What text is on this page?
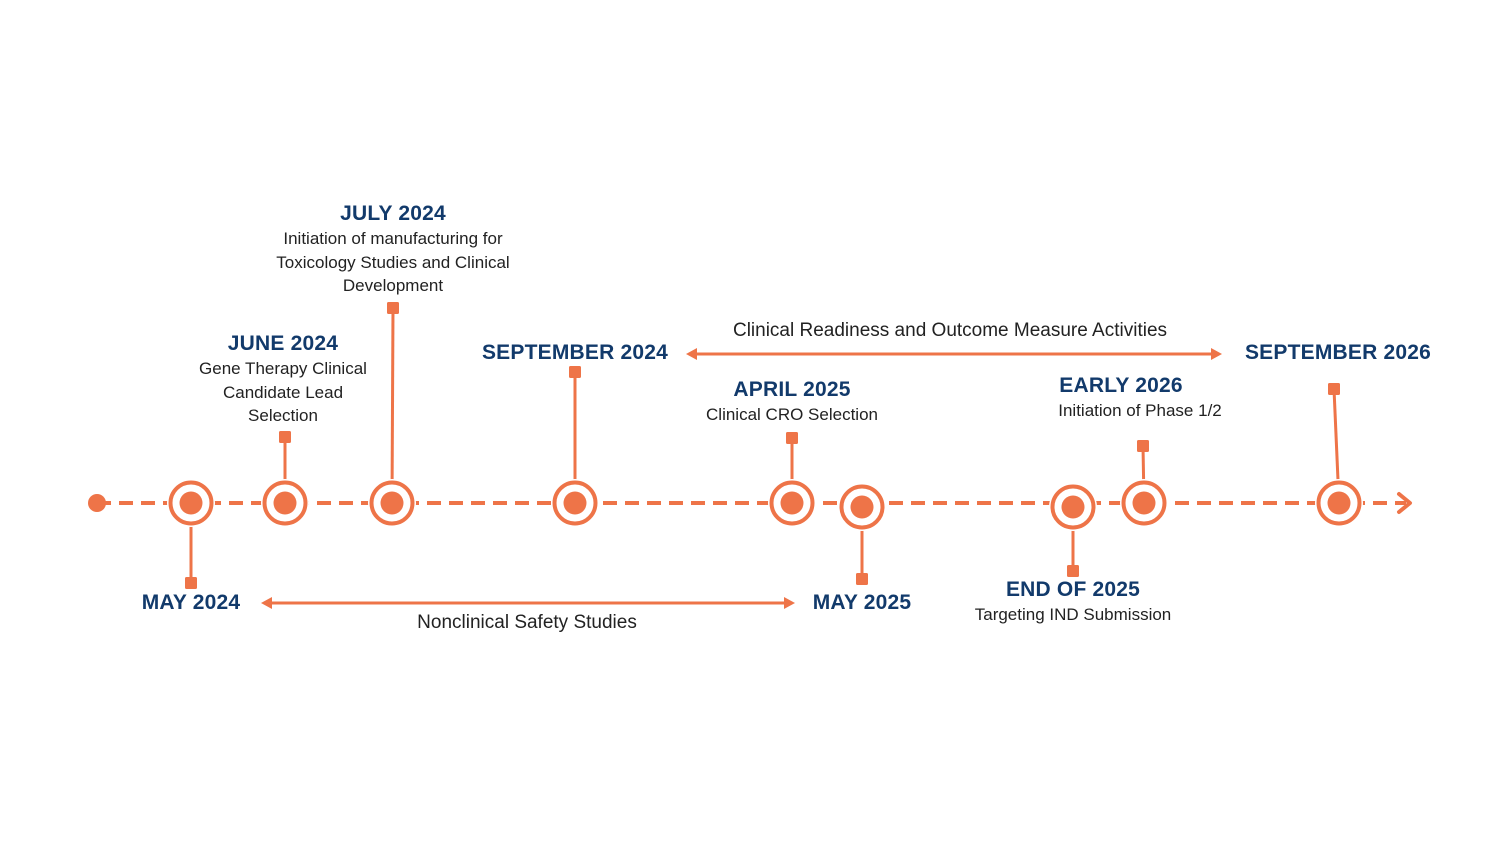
MAY 2024
JUNE 2024
Gene Therapy Clinical
Candidate Lead
Selection
JULY 2024
Initiation of manufacturing for
Toxicology Studies and Clinical
Development
SEPTEMBER 2024
APRIL 2025
Clinical CRO Selection
MAY 2025
END OF 2025
Targeting IND Submission
EARLY 2026
Initiation of Phase 1/2
SEPTEMBER 2026
Nonclinical Safety Studies
Clinical Readiness and Outcome Measure Activities
